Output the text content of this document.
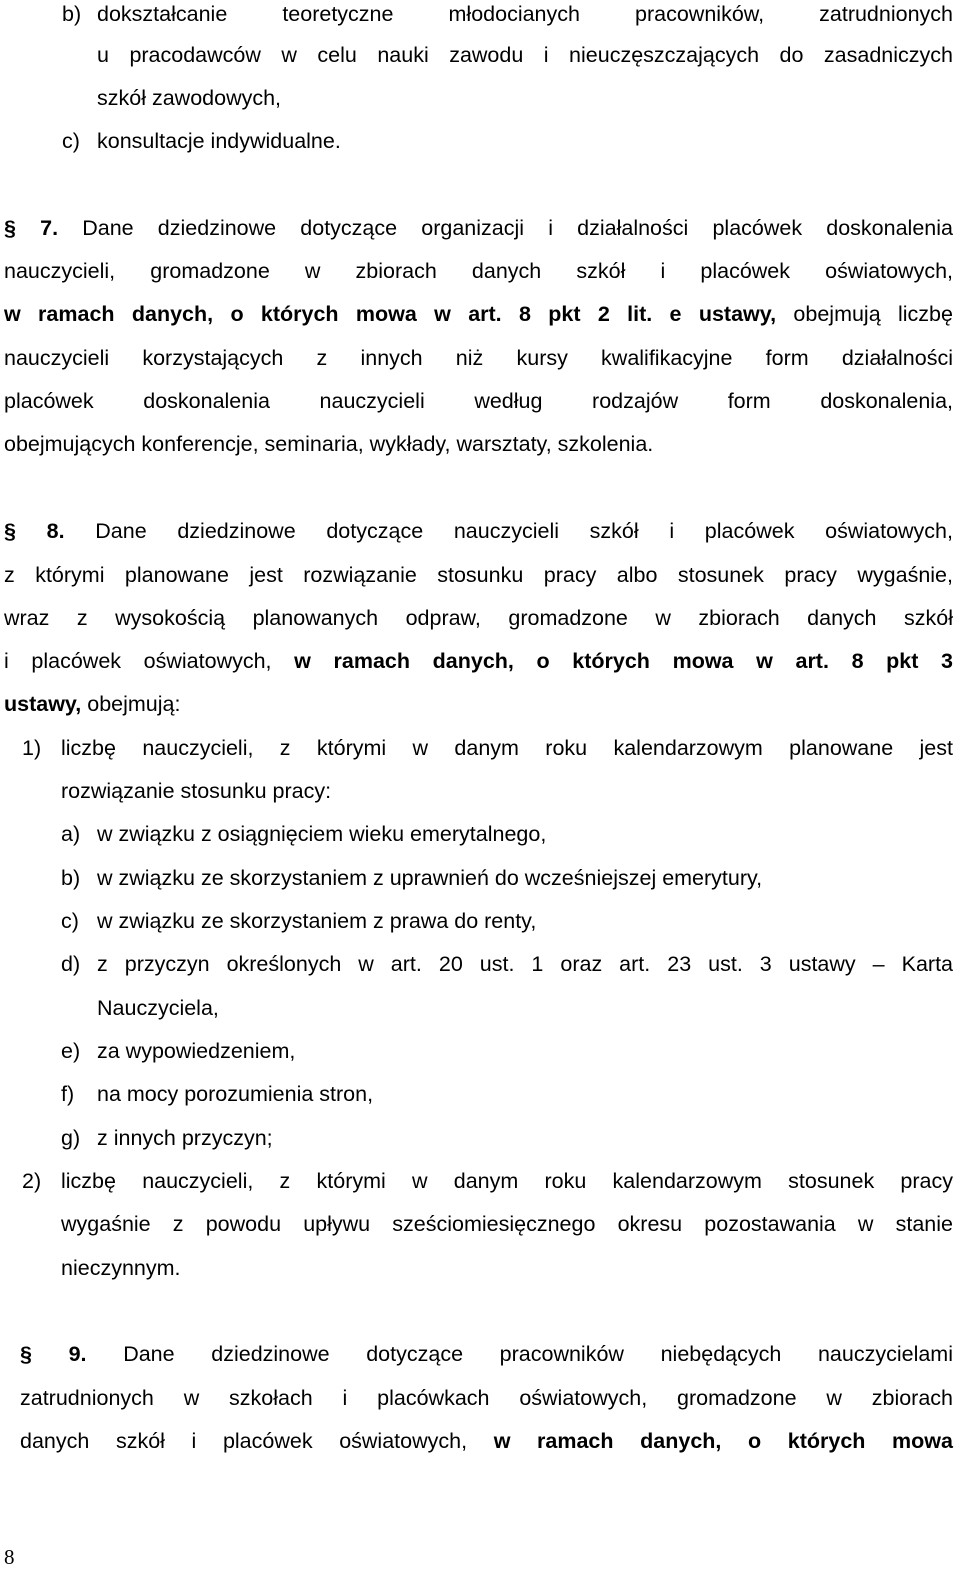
b) dokształcanie teoretyczne młodocianych pracowników, zatrudnionych
u pracodawców w celu nauki zawodu i nieuczęszczających do zasadniczych
szkół zawodowych,
c) konsultacje indywidualne.
§ 7. Dane dziedzinowe dotyczące organizacji i działalności placówek doskonalenia
nauczycieli, gromadzone w zbiorach danych szkół i placówek oświatowych,
w ramach danych, o których mowa w art. 8 pkt 2 lit. e ustawy, obejmują liczbę
nauczycieli korzystających z innych niż kursy kwalifikacyjne form działalności
placówek doskonalenia nauczycieli według rodzajów form doskonalenia,
obejmujących konferencje, seminaria, wykłady, warsztaty, szkolenia.
§ 8. Dane dziedzinowe dotyczące nauczycieli szkół i placówek oświatowych,
z którymi planowane jest rozwiązanie stosunku pracy albo stosunek pracy wygaśnie,
wraz z wysokością planowanych odpraw, gromadzone w zbiorach danych szkół
i placówek oświatowych, w ramach danych, o których mowa w art. 8 pkt 3
ustawy, obejmują:
1) liczbę nauczycieli, z którymi w danym roku kalendarzowym planowane jest
rozwiązanie stosunku pracy:
a) w związku z osiągnięciem wieku emerytalnego,
b) w związku ze skorzystaniem z uprawnień do wcześniejszej emerytury,
c) w związku ze skorzystaniem z prawa do renty,
d) z przyczyn określonych w art. 20 ust. 1 oraz art. 23 ust. 3 ustawy – Karta
Nauczyciela,
e) za wypowiedzeniem,
f) na mocy porozumienia stron,
g) z innych przyczyn;
2) liczbę nauczycieli, z którymi w danym roku kalendarzowym stosunek pracy
wygaśnie z powodu upływu sześciomiesięcznego okresu pozostawania w stanie
nieczynnym.
§ 9. Dane dziedzinowe dotyczące pracowników niebędących nauczycielami
zatrudnionych w szkołach i placówkach oświatowych, gromadzone w zbiorach
danych szkół i placówek oświatowych, w ramach danych, o których mowa
8
